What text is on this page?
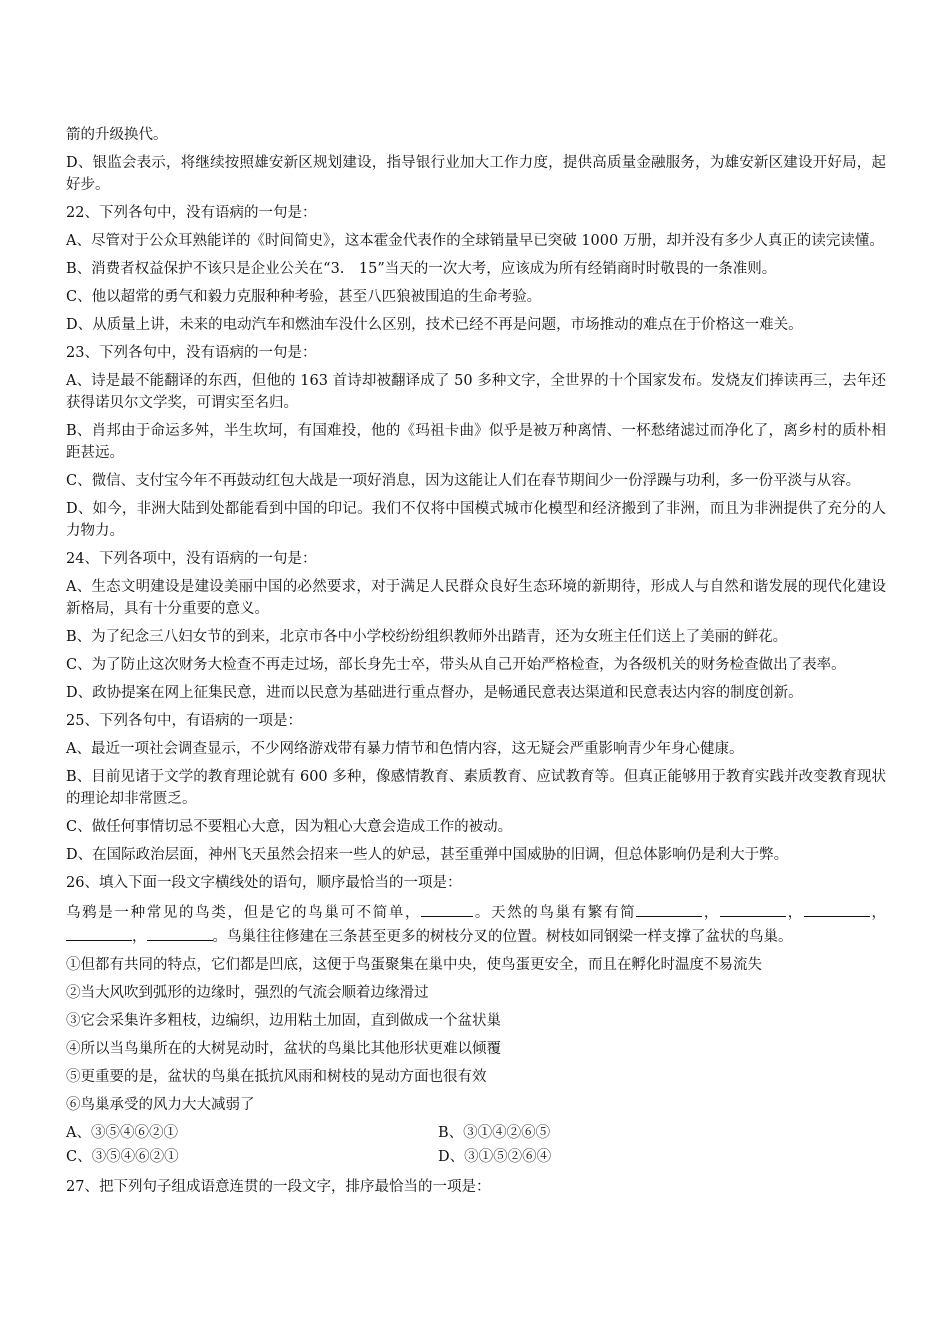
箭的升级换代。

D、银监会表示，将继续按照雄安新区规划建设，指导银行业加大工作力度，提供高质量金融服务，为雄安新区建设开好局，起好步。

22、下列各句中，没有语病的一句是：

A、尽管对于公众耳熟能详的《时间简史》，这本霍金代表作的全球销量早已突破 1000 万册，却并没有多少人真正的读完读懂。

B、消费者权益保护不该只是企业公关在“3.　15”当天的一次大考，应该成为所有经销商时时敬畏的一条准则。

C、他以超常的勇气和毅力克服种种考验，甚至八匹狼被围追的生命考验。

D、从质量上讲，未来的电动汽车和燃油车没什么区别，技术已经不再是问题，市场推动的难点在于价格这一难关。

23、下列各句中，没有语病的一句是：

A、诗是最不能翻译的东西，但他的 163 首诗却被翻译成了 50 多种文字，全世界的十个国家发布。发烧友们捧读再三，去年还获得诺贝尔文学奖，可谓实至名归。

B、肖邦由于命运多舛，半生坎坷，有国难投，他的《玛祖卡曲》似乎是被万种离情、一杯愁绪滤过而净化了，离乡村的质朴相距甚远。

C、微信、支付宝今年不再鼓动红包大战是一项好消息，因为这能让人们在春节期间少一份浮躁与功利，多一份平淡与从容。

D、如今，非洲大陆到处都能看到中国的印记。我们不仅将中国模式城市化模型和经济搬到了非洲，而且为非洲提供了充分的人力物力。

24、下列各项中，没有语病的一句是：

A、生态文明建设是建设美丽中国的必然要求，对于满足人民群众良好生态环境的新期待，形成人与自然和谐发展的现代化建设新格局，具有十分重要的意义。

B、为了纪念三八妇女节的到来，北京市各中小学校纷纷组织教师外出踏青，还为女班主任们送上了美丽的鲜花。

C、为了防止这次财务大检查不再走过场，部长身先士卒，带头从自己开始严格检查，为各级机关的财务检查做出了表率。

D、政协提案在网上征集民意，进而以民意为基础进行重点督办，是畅通民意表达渠道和民意表达内容的制度创新。

25、下列各句中，有语病的一项是：

A、最近一项社会调查显示，不少网络游戏带有暴力情节和色情内容，这无疑会严重影响青少年身心健康。

B、目前见诸于文学的教育理论就有 600 多种，像感情教育、素质教育、应试教育等。但真正能够用于教育实践并改变教育现状的理论却非常匮乏。

C、做任何事情切忌不要粗心大意，因为粗心大意会造成工作的被动。

D、在国际政治层面，神州飞天虽然会招来一些人的妒忌，甚至重弹中国威胁的旧调，但总体影响仍是利大于弊。

26、填入下面一段文字横线处的语句，顺序最恰当的一项是：

乌鸦是一种常见的鸟类，但是它的鸟巢可不简单，	。天然的鸟巢有繁有简	，	，	，，	。鸟巢往往修建在三条甚至更多的树枝分叉的位置。树枝如同钢梁一样支撑了盆状的鸟巢。

①但都有共同的特点，它们都是凹底，这便于鸟蛋聚集在巢中央，使鸟蛋更安全，而且在孵化时温度不易流失

②当大风吹到弧形的边缘时，强烈的气流会顺着边缘滑过

③它会采集许多粗枝，边编织，边用粘土加固，直到做成一个盆状巢

④所以当鸟巢所在的大树晃动时，盆状的鸟巢比其他形状更难以倾覆

⑤更重要的是，盆状的鸟巢在抵抗风雨和树枝的晃动方面也很有效

⑥鸟巢承受的风力大大减弱了

A、③⑤④⑥②①	B、③①④②⑥⑤
C、③⑤④⑥②①	D、③①⑤②⑥④

27、把下列句子组成语意连贯的一段文字，排序最恰当的一项是：
